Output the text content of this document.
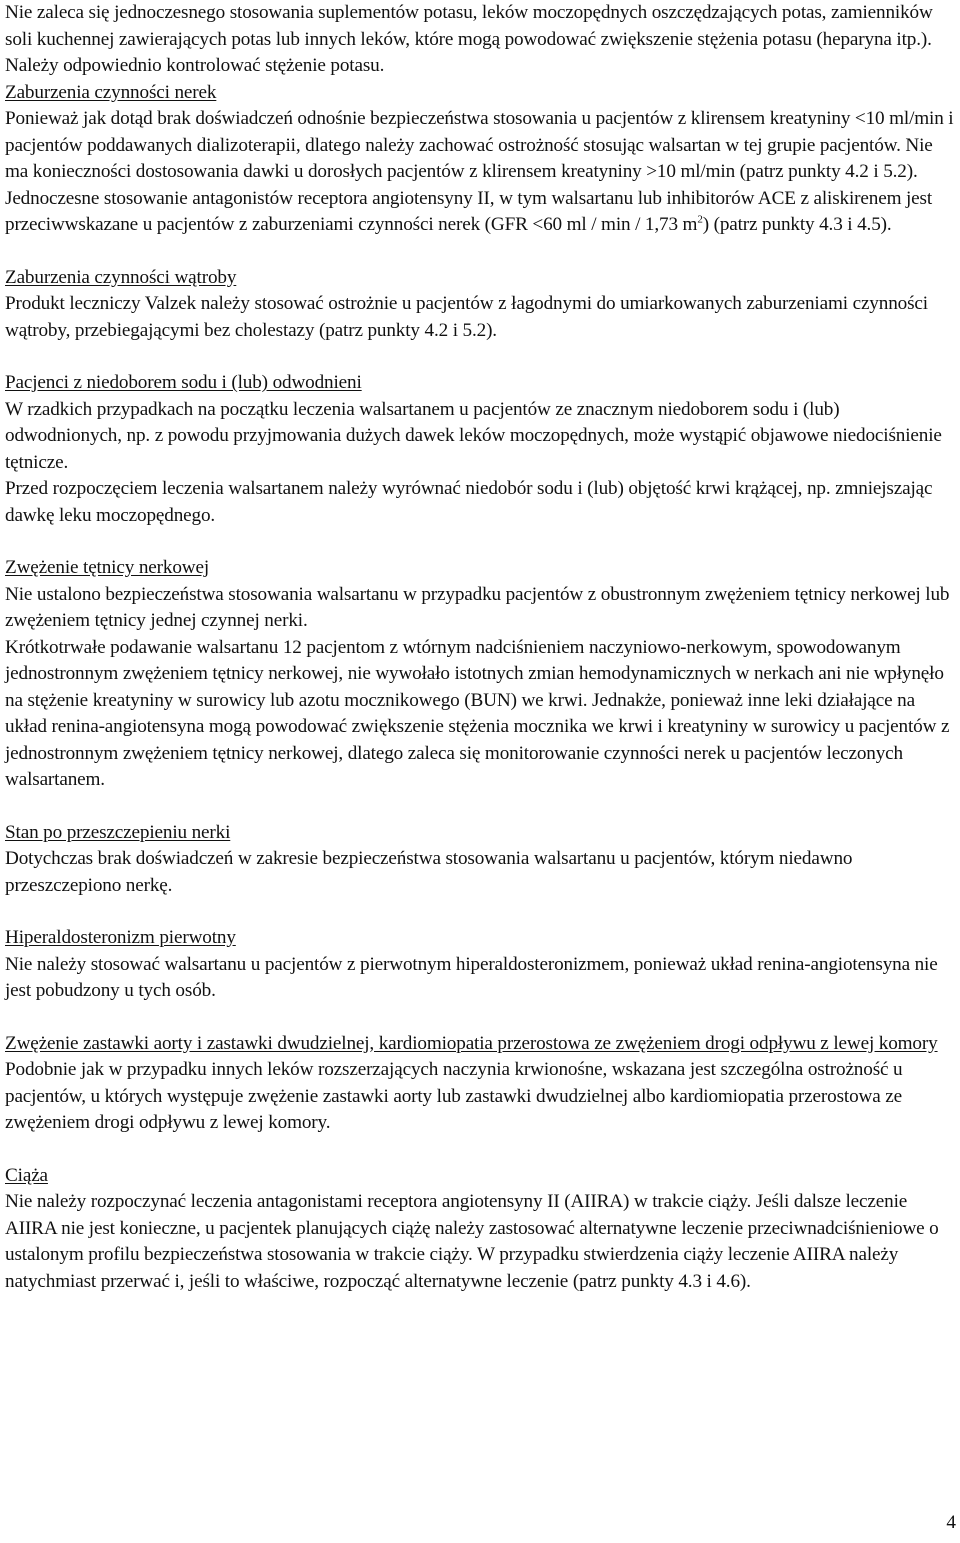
Nie zaleca się jednoczesnego stosowania suplementów potasu, leków moczopędnych oszczędzających potas, zamienników soli kuchennej zawierających potas lub innych leków, które mogą powodować zwiększenie stężenia potasu (heparyna itp.). Należy odpowiednio kontrolować stężenie potasu.

Zaburzenia czynności nerek

Ponieważ jak dotąd brak doświadczeń odnośnie bezpieczeństwa stosowania u pacjentów z klirensem kreatyniny <10 ml/min i pacjentów poddawanych dializoterapii, dlatego należy zachować ostrożność stosując walsartan w tej grupie pacjentów. Nie ma konieczności dostosowania dawki u dorosłych pacjentów z klirensem kreatyniny >10 ml/min (patrz punkty 4.2 i 5.2).

Jednoczesne stosowanie antagonistów receptora angiotensyny II, w tym walsartanu lub inhibitorów ACE z aliskirenem jest przeciwwskazane u pacjentów z zaburzeniami czynności nerek (GFR <60 ml / min / 1,73 $m^2$) (patrz punkty 4.3 i 4.5).

Zaburzenia czynności wątroby

Produkt leczniczy Valzek należy stosować ostrożnie u pacjentów z łagodnymi do umiarkowanych zaburzeniami czynności wątroby, przebiegającymi bez cholestazy (patrz punkty 4.2 i 5.2).

Pacjenci z niedoborem sodu i (lub) odwodnieni

W rzadkich przypadkach na początku leczenia walsartanem u pacjentów ze znacznym niedoborem sodu i (lub) odwodnionych, np. z powodu przyjmowania dużych dawek leków moczopędnych, może wystąpić objawowe niedociśnienie tętnicze.

Przed rozpoczęciem leczenia walsartanem należy wyrównać niedobór sodu i (lub) objętość krwi krążącej, np. zmniejszając dawkę leku moczopędnego.

Zwężenie tętnicy nerkowej

Nie ustalono bezpieczeństwa stosowania walsartanu w przypadku pacjentów z obustronnym zwężeniem tętnicy nerkowej lub zwężeniem tętnicy jednej czynnej nerki.

Krótkotrwałe podawanie walsartanu 12 pacjentom z wtórnym nadciśnieniem naczyniowo-nerkowym, spowodowanym jednostronnym zwężeniem tętnicy nerkowej, nie wywołało istotnych zmian hemodynamicznych w nerkach ani nie wpłynęło na stężenie kreatyniny w surowicy lub azotu mocznikowego (BUN) we krwi. Jednakże, ponieważ inne leki działające na układ renina-angiotensyna mogą powodować zwiększenie stężenia mocznika we krwi i kreatyniny w surowicy u pacjentów z jednostronnym zwężeniem tętnicy nerkowej, dlatego zaleca się monitorowanie czynności nerek u pacjentów leczonych walsartanem.

Stan po przeszczepieniu nerki

Dotychczas brak doświadczeń w zakresie bezpieczeństwa stosowania walsartanu u pacjentów, którym niedawno przeszczepiono nerkę.

Hiperaldosteronizm pierwotny

Nie należy stosować walsartanu u pacjentów z pierwotnym hiperaldosteronizmem, ponieważ układ renina-angiotensyna nie jest pobudzony u tych osób.

Zwężenie zastawki aorty i zastawki dwudzielnej, kardiomiopatia przerostowa ze zwężeniem drogi odpływu z lewej komory

Podobnie jak w przypadku innych leków rozszerzających naczynia krwionośne, wskazana jest szczególna ostrożność u pacjentów, u których występuje zwężenie zastawki aorty lub zastawki dwudzielnej albo kardiomiopatia przerostowa ze zwężeniem drogi odpływu z lewej komory.

Ciąża

Nie należy rozpoczynać leczenia antagonistami receptora angiotensyny II (AIIRA) w trakcie ciąży. Jeśli dalsze leczenie AIIRA nie jest konieczne, u pacjentek planujących ciążę należy zastosować alternatywne leczenie przeciwnadciśnieniowe o ustalonym profilu bezpieczeństwa stosowania w trakcie ciąży. W przypadku stwierdzenia ciąży leczenie AIIRA należy natychmiast przerwać i, jeśli to właściwe, rozpocząć alternatywne leczenie (patrz punkty 4.3 i 4.6).

4
